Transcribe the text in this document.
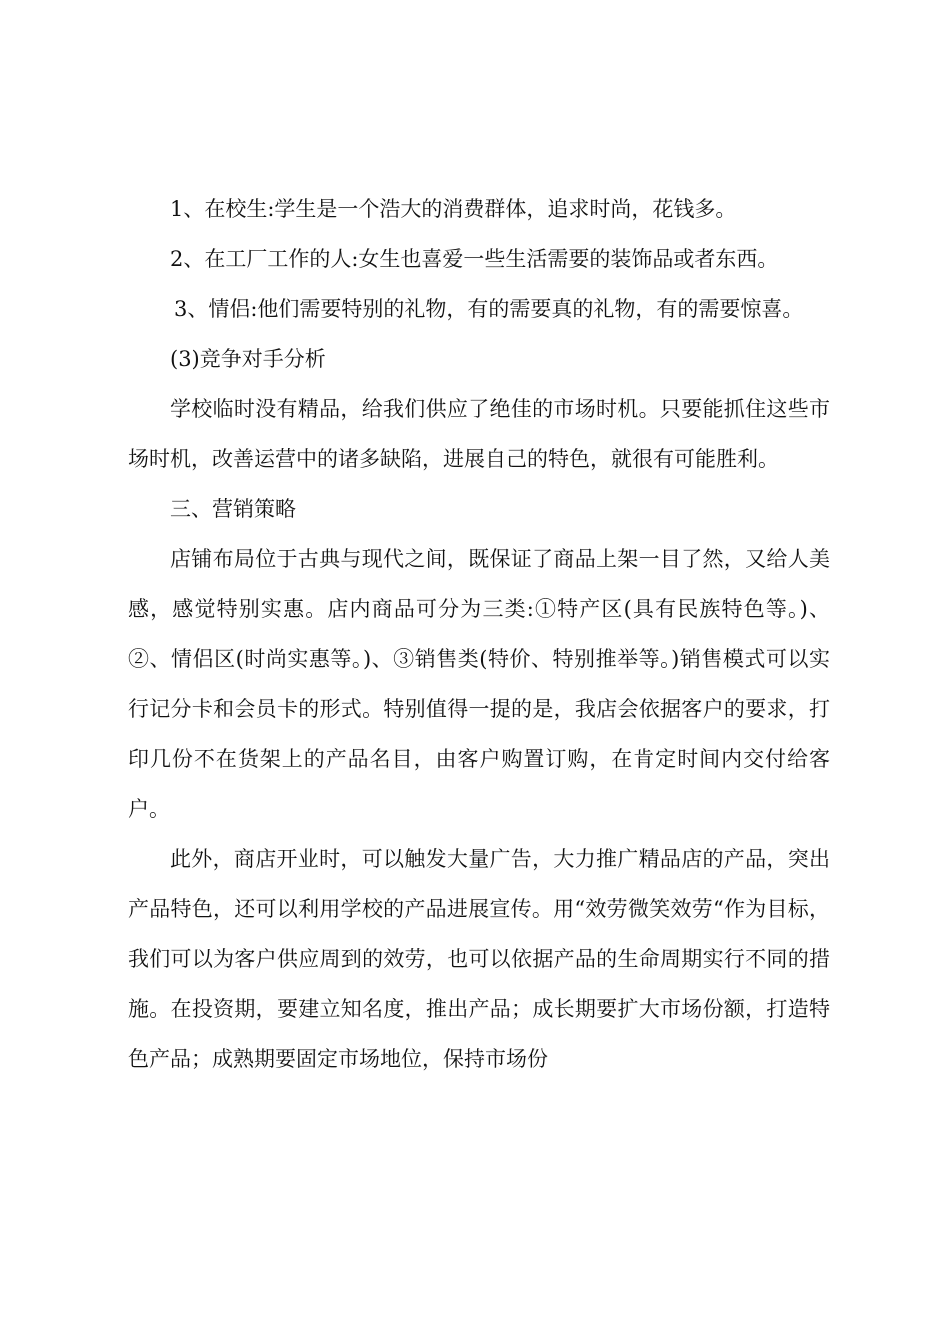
1、在校生:学生是一个浩大的消费群体，追求时尚，花钱多。

2、在工厂工作的人:女生也喜爱一些生活需要的装饰品或者东西。

3、情侣:他们需要特别的礼物，有的需要真的礼物，有的需要惊喜。

(3)竞争对手分析

学校临时没有精品，给我们供应了绝佳的市场时机。只要能抓住这些市场时机，改善运营中的诸多缺陷，进展自己的特色，就很有可能胜利。

三、营销策略

店铺布局位于古典与现代之间，既保证了商品上架一目了然，又给人美感，感觉特别实惠。店内商品可分为三类:①特产区(具有民族特色等。)、②、情侣区(时尚实惠等。)、③销售类(特价、特别推举等。)销售模式可以实行记分卡和会员卡的形式。特别值得一提的是，我店会依据客户的要求，打印几份不在货架上的产品名目，由客户购置订购，在肯定时间内交付给客户。

此外，商店开业时，可以触发大量广告，大力推广精品店的产品，突出产品特色，还可以利用学校的产品进展宣传。用“效劳微笑效劳“作为目标，我们可以为客户供应周到的效劳，也可以依据产品的生命周期实行不同的措施。在投资期，要建立知名度，推出产品；成长期要扩大市场份额，打造特色产品；成熟期要固定市场地位，保持市场份
